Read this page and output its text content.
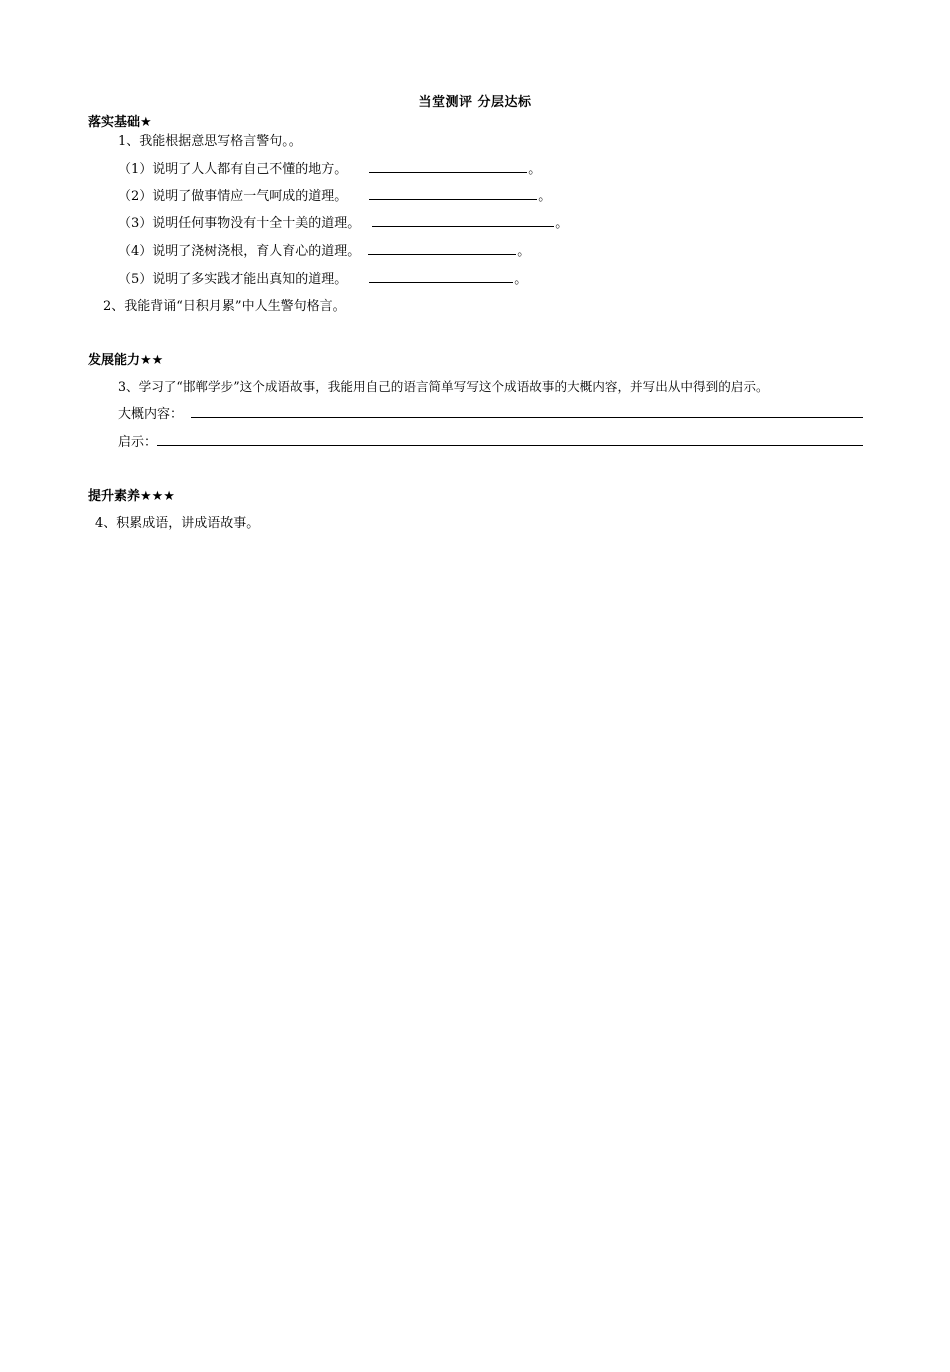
当堂测评 分层达标
落实基础★
1、我能根据意思写格言警句。。
（1）说明了人人都有自己不懂的地方。	。
（2）说明了做事情应一气呵成的道理。	。
（3）说明任何事物没有十全十美的道理。	。
（4）说明了浇树浇根，育人育心的道理。	。
（5）说明了多实践才能出真知的道理。	。
2、我能背诵“日积月累”中人生警句格言。
发展能力★★
3、学习了“邯郸学步”这个成语故事，我能用自己的语言简单写写这个成语故事的大概内容，并写出从中得到的启示。
大概内容：
启示：
提升素养★★★
4、积累成语，讲成语故事。
